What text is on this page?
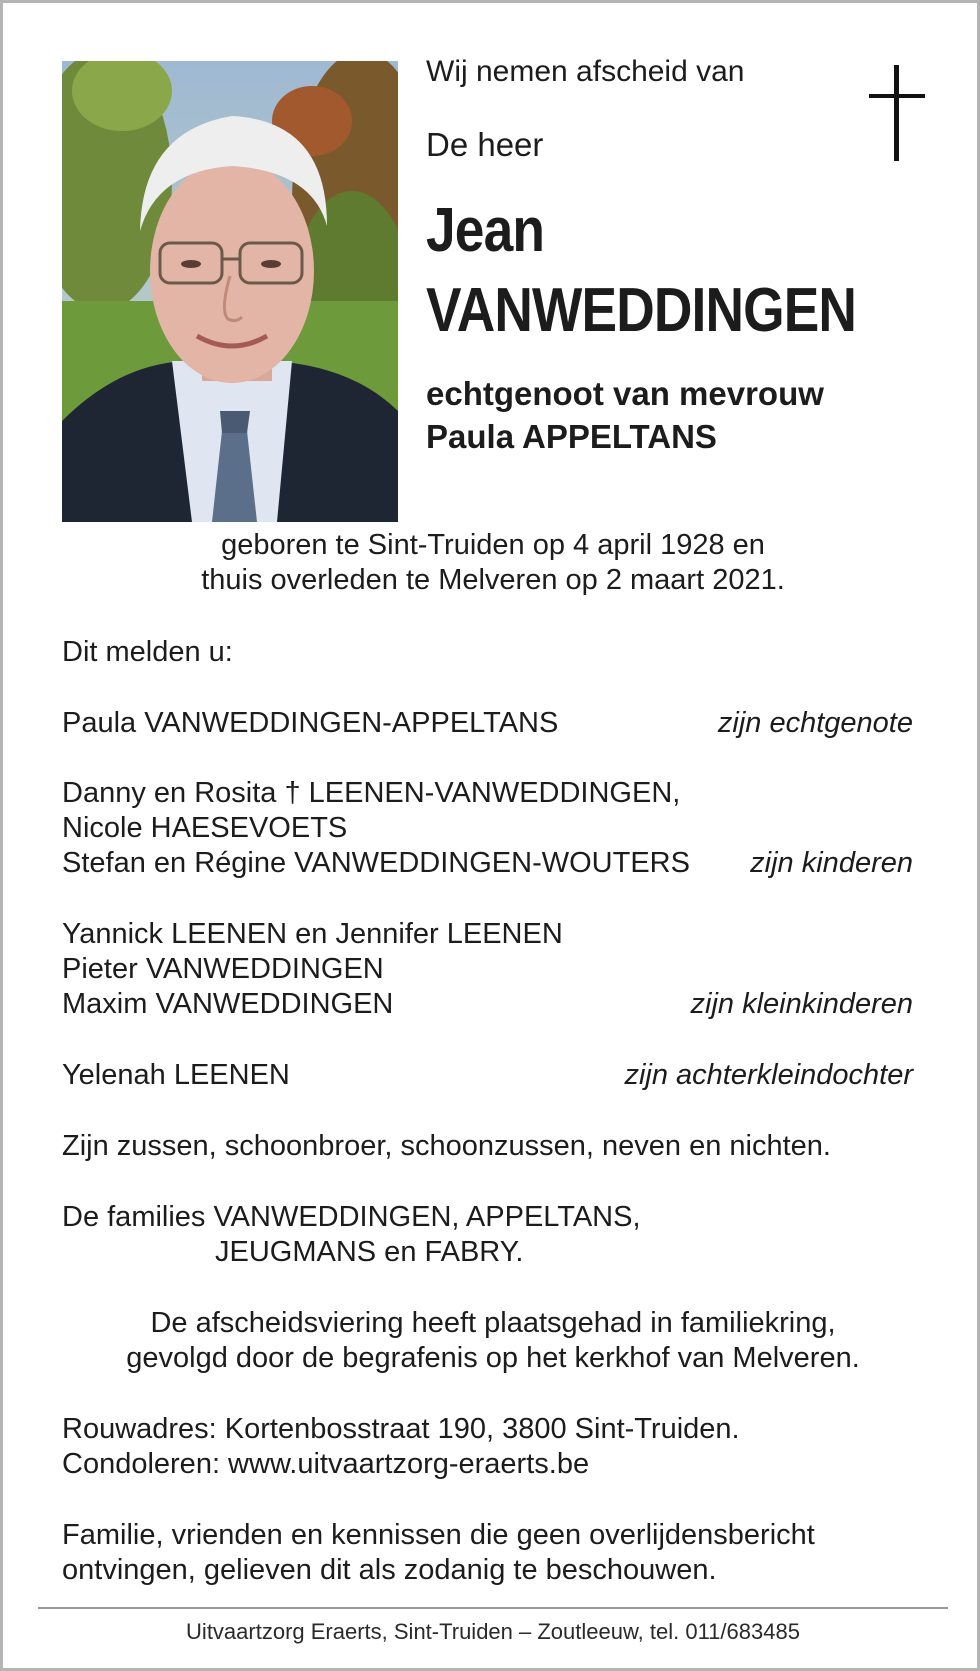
Wij nemen afscheid van
De heer
Jean
VANWEDDINGEN
echtgenoot van mevrouw
Paula APPELTANS
geboren te Sint-Truiden op 4 april 1928 en
thuis overleden te Melveren op 2 maart 2021.
Dit melden u:
Paula VANWEDDINGEN-APPELTANS	zijn echtgenote
Danny en Rosita † LEENEN-VANWEDDINGEN,
Nicole HAESEVOETS
Stefan en Régine VANWEDDINGEN-WOUTERS zijn kinderen
Yannick LEENEN en Jennifer LEENEN
Pieter VANWEDDINGEN
Maxim VANWEDDINGEN	zijn kleinkinderen
Yelenah LEENEN	zijn achterkleindochter
Zijn zussen, schoonbroer, schoonzussen, neven en nichten.
De families VANWEDDINGEN, APPELTANS,
JEUGMANS en FABRY.
De afscheidsviering heeft plaatsgehad in familiekring,
gevolgd door de begrafenis op het kerkhof van Melveren.
Rouwadres: Kortenbosstraat 190, 3800 Sint-Truiden.
Condoleren: www.uitvaartzorg-eraerts.be
Familie, vrienden en kennissen die geen overlijdensbericht
ontvingen, gelieven dit als zodanig te beschouwen.
Uitvaartzorg Eraerts, Sint-Truiden – Zoutleeuw, tel. 011/683485
